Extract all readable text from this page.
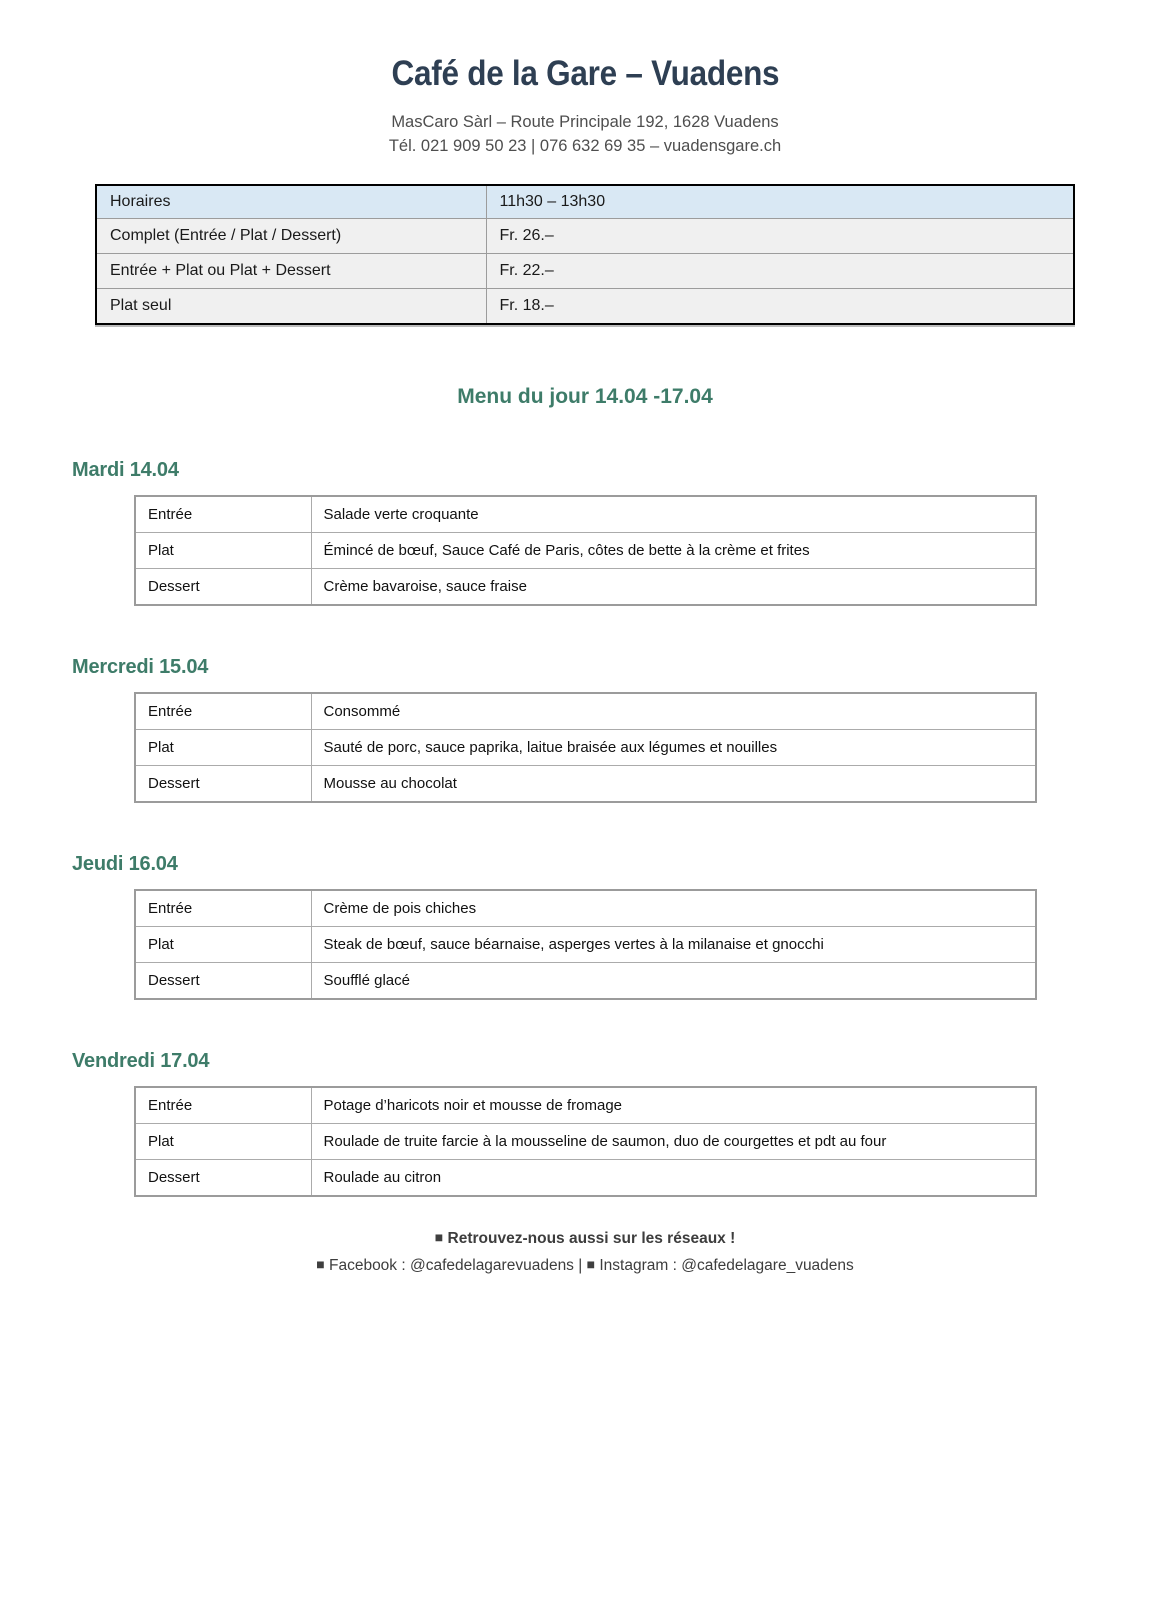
Café de la Gare – Vuadens

MasCaro Sàrl – Route Principale 192, 1628 Vuadens

Tél. 021 909 50 23 | 076 632 69 35 – vuadensgare.ch

Horaires	11h30 – 13h30
Complet (Entrée / Plat / Dessert)	Fr. 26.–
Entrée + Plat ou Plat + Dessert	Fr. 22.–
Plat seul	Fr. 18.–
Menu du jour 14.04 -17.04
Mardi 14.04
Entrée	Salade verte croquante
Plat	Émincé de bœuf, Sauce Café de Paris, côtes de bette à la crème et frites
Dessert	Crème bavaroise, sauce fraise
Mercredi 15.04
Entrée	Consommé
Plat	Sauté de porc, sauce paprika, laitue braisée aux légumes et nouilles
Dessert	Mousse au chocolat
Jeudi 16.04
Entrée	Crème de pois chiches
Plat	Steak de bœuf, sauce béarnaise, asperges vertes à la milanaise et gnocchi
Dessert	Soufflé glacé
Vendredi 17.04
Entrée	Potage d’haricots noir et mousse de fromage
Plat	Roulade de truite farcie à la mousseline de saumon, duo de courgettes et pdt au four
Dessert	Roulade au citron

■ Retrouvez-nous aussi sur les réseaux !

■ Facebook : @cafedelagarevuadens | ■ Instagram : @cafedelagare_vuadens
